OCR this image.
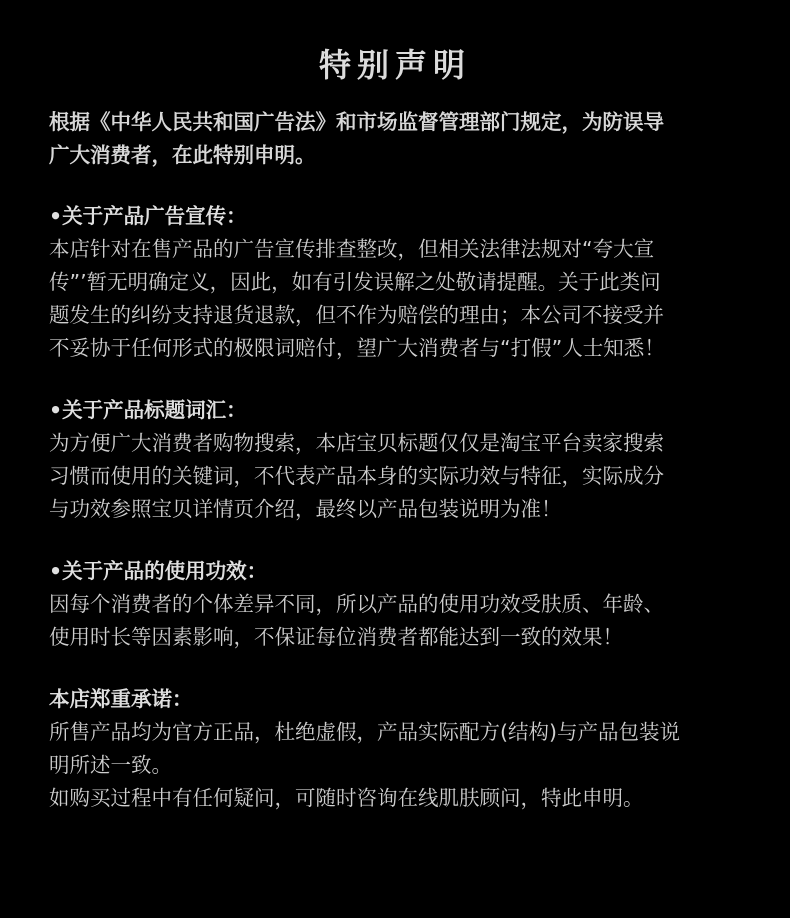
特别声明

根据《中华人民共和国广告法》和市场监督管理部门规定，为防误导
广大消费者，在此特别申明。

•关于产品广告宣传：

本店针对在售产品的广告宣传排查整改，但相关法律法规对“夸大宣
传”’暂无明确定义，因此，如有引发误解之处敬请提醒。关于此类问
题发生的纠纷支持退货退款，但不作为赔偿的理由；本公司不接受并
不妥协于任何形式的极限词赔付，望广大消费者与“打假”人士知悉！

•关于产品标题词汇：

为方便广大消费者购物搜索，本店宝贝标题仅仅是淘宝平台卖家搜索
习惯而使用的关键词，不代表产品本身的实际功效与特征，实际成分
与功效参照宝贝详情页介绍，最终以产品包装说明为准！

•关于产品的使用功效：

因每个消费者的个体差异不同，所以产品的使用功效受肤质、年龄、
使用时长等因素影响，不保证每位消费者都能达到一致的效果！

本店郑重承诺：

所售产品均为官方正品，杜绝虚假，产品实际配方(结构)与产品包装说
明所述一致。
如购买过程中有任何疑问，可随时咨询在线肌肤顾问，特此申明。
